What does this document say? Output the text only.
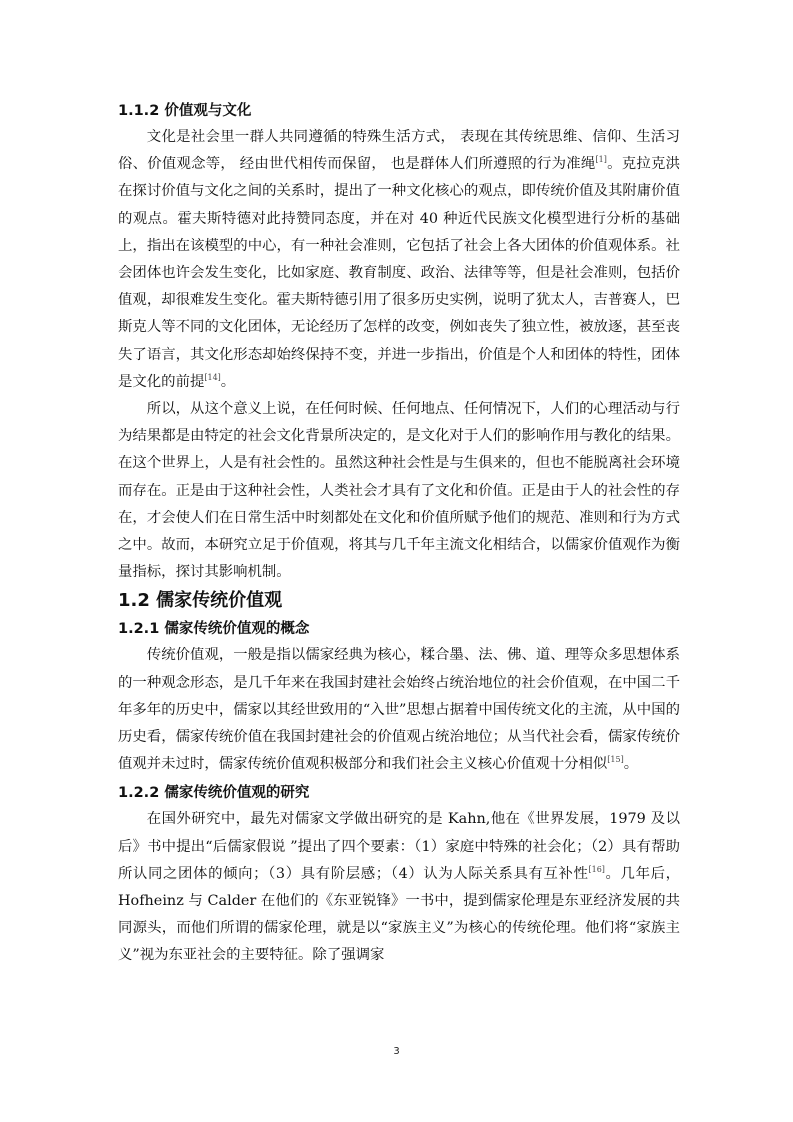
1.1.2 价值观与文化

文化是社会里一群人共同遵循的特殊生活方式， 表现在其传统思维、信仰、生活习俗、价值观念等， 经由世代相传而保留， 也是群体人们所遵照的行为准绳[1]。克拉克洪在探讨价值与文化之间的关系时，提出了一种文化核心的观点，即传统价值及其附庸价值的观点。霍夫斯特德对此持赞同态度，并在对 40 种近代民族文化模型进行分析的基础上，指出在该模型的中心，有一种社会准则，它包括了社会上各大团体的价值观体系。社会团体也许会发生变化，比如家庭、教育制度、政治、法律等等，但是社会准则，包括价值观，却很难发生变化。霍夫斯特德引用了很多历史实例，说明了犹太人，吉普赛人，巴斯克人等不同的文化团体，无论经历了怎样的改变，例如丧失了独立性，被放逐，甚至丧失了语言，其文化形态却始终保持不变，并进一步指出，价值是个人和团体的特性，团体是文化的前提[14]。

所以，从这个意义上说，在任何时候、任何地点、任何情况下，人们的心理活动与行为结果都是由特定的社会文化背景所决定的，是文化对于人们的影响作用与教化的结果。在这个世界上，人是有社会性的。虽然这种社会性是与生俱来的，但也不能脱离社会环境而存在。正是由于这种社会性，人类社会才具有了文化和价值。正是由于人的社会性的存在，才会使人们在日常生活中时刻都处在文化和价值所赋予他们的规范、准则和行为方式之中。故而，本研究立足于价值观，将其与几千年主流文化相结合，以儒家价值观作为衡量指标，探讨其影响机制。

1.2 儒家传统价值观
1.2.1 儒家传统价值观的概念

传统价值观，一般是指以儒家经典为核心，糅合墨、法、佛、道、理等众多思想体系的一种观念形态，是几千年来在我国封建社会始终占统治地位的社会价值观，在中国二千年多年的历史中，儒家以其经世致用的“入世”思想占据着中国传统文化的主流，从中国的历史看，儒家传统价值在我国封建社会的价值观占统治地位；从当代社会看，儒家传统价值观并未过时，儒家传统价值观积极部分和我们社会主义核心价值观十分相似[15]。

1.2.2 儒家传统价值观的研究

在国外研究中，最先对儒家文学做出研究的是 Kahn,他在《世界发展，1979 及以后》书中提出“后儒家假说 ”提出了四个要素：（1）家庭中特殊的社会化；（2）具有帮助所认同之团体的倾向；（3）具有阶层感；（4）认为人际关系具有互补性[16]。几年后，Hofheinz 与 Calder 在他们的《东亚锐锋》一书中，提到儒家伦理是东亚经济发展的共同源头，而他们所谓的儒家伦理，就是以“家族主义”为核心的传统伦理。他们将“家族主义”视为东亚社会的主要特征。除了强调家

3
